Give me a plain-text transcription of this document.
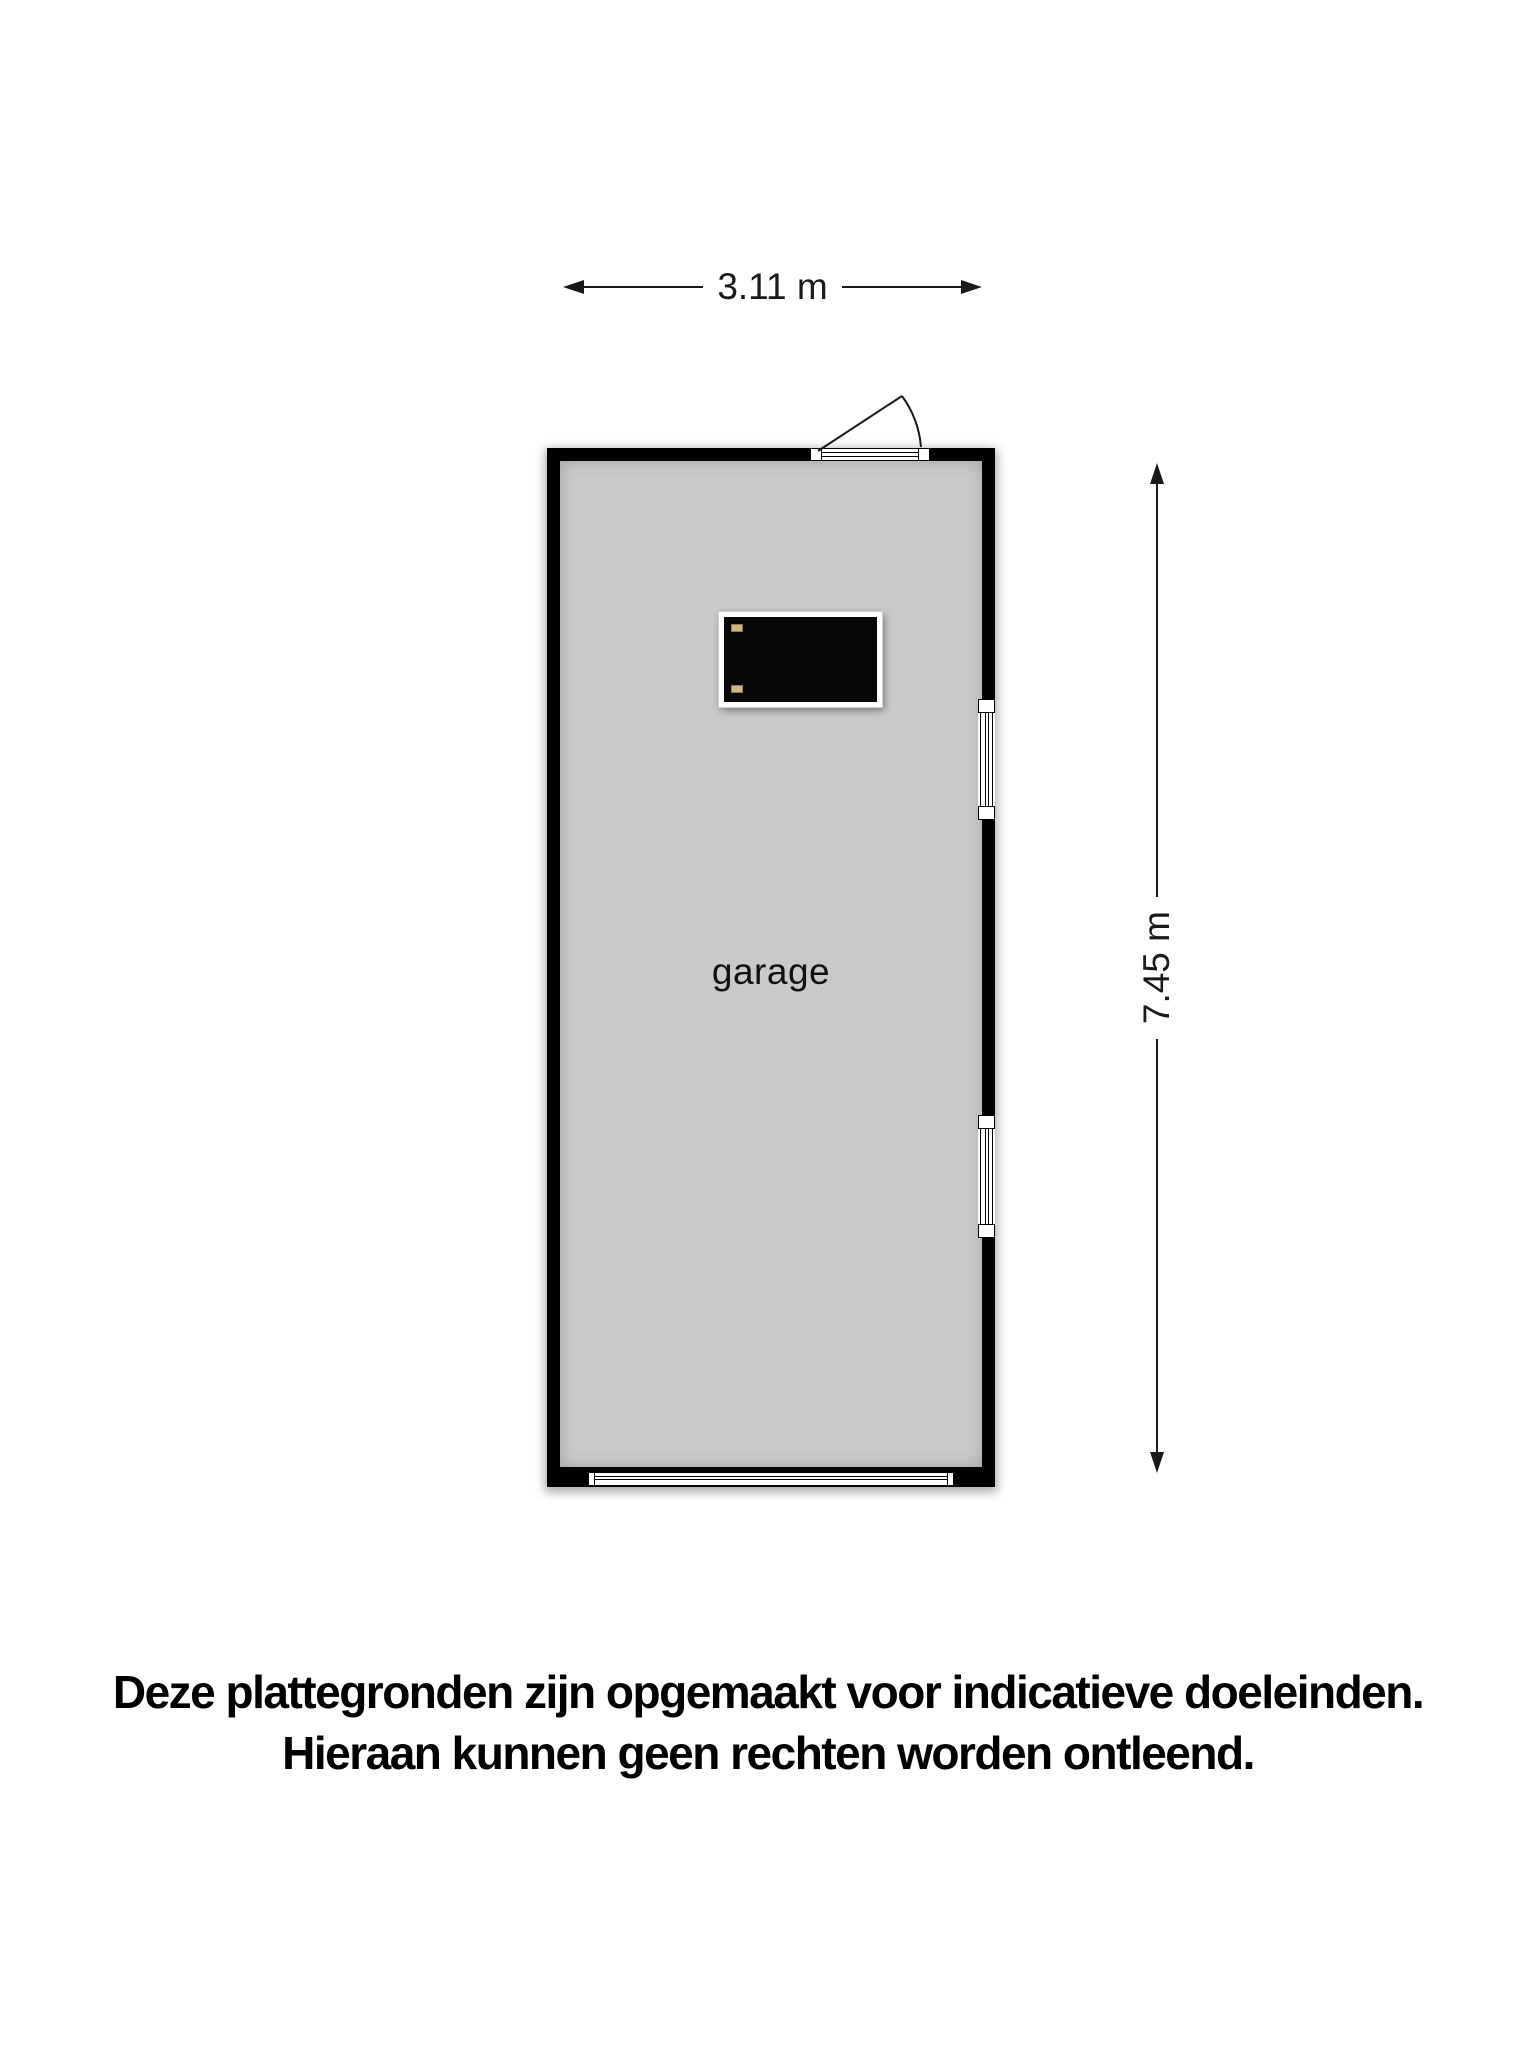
3.11 m
7.45 m
garage
Deze plattegronden zijn opgemaakt voor indicatieve doeleinden.
Hieraan kunnen geen rechten worden ontleend.
